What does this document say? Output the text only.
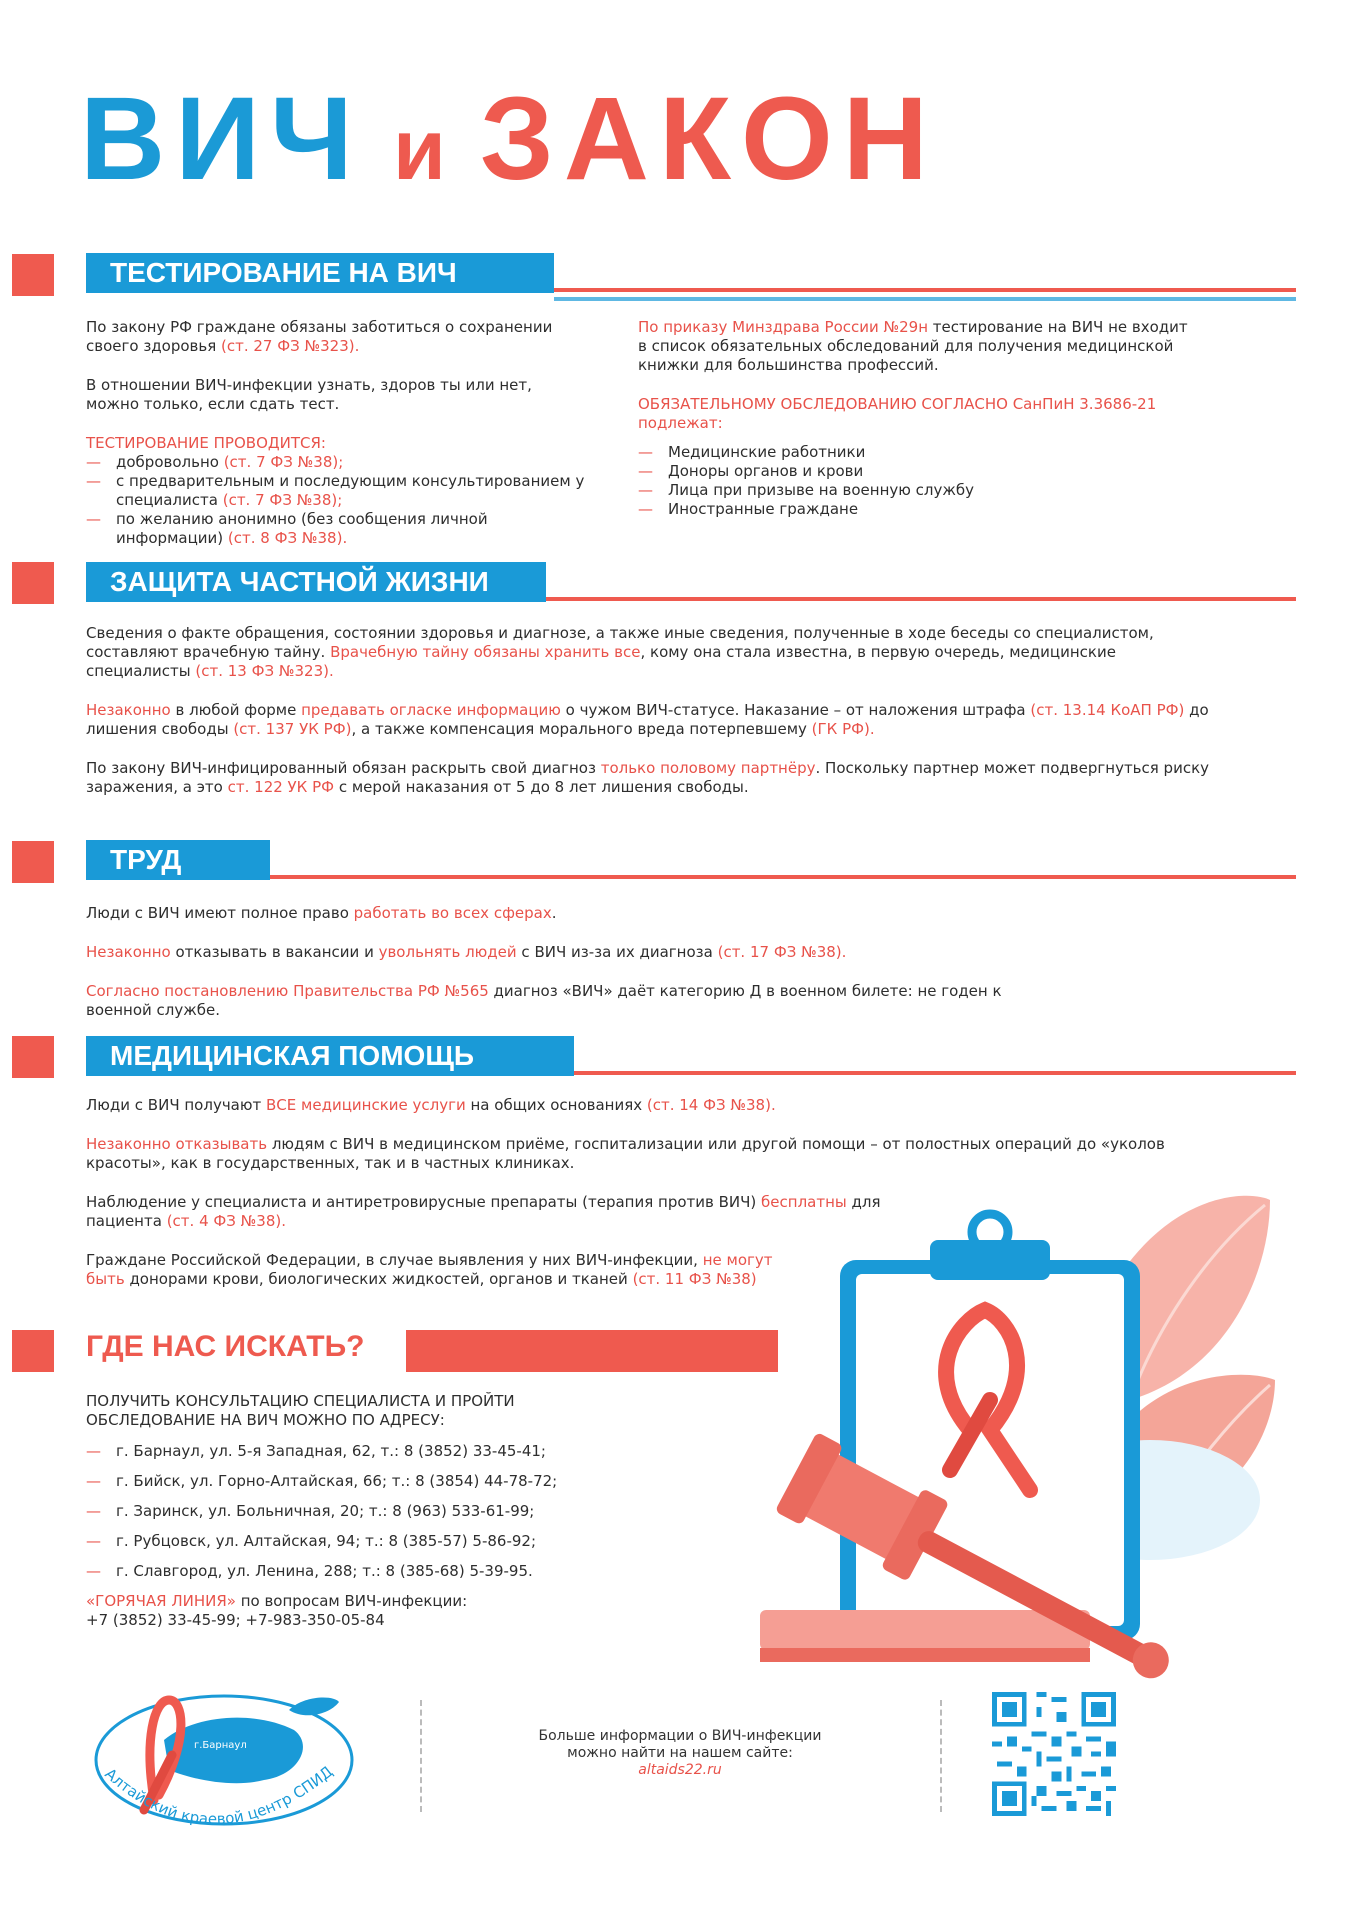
ВИЧ и ЗАКОН
ТЕСТИРОВАНИЕ НА ВИЧ

По закону РФ граждане обязаны заботиться о сохранении своего здоровья (ст. 27 ФЗ №323).

В отношении ВИЧ-инфекции узнать, здоров ты или нет, можно только, если сдать тест.

ТЕСТИРОВАНИЕ ПРОВОДИТСЯ:

— добровольно (ст. 7 ФЗ №38);
— с предварительным и последующим консультированием у специалиста (ст. 7 ФЗ №38);
— по желанию анонимно (без сообщения личной информации) (ст. 8 ФЗ №38).

По приказу Минздрава России №29н тестирование на ВИЧ не входит в список обязательных обследований для получения медицинской книжки для большинства профессий.

ОБЯЗАТЕЛЬНОМУ ОБСЛЕДОВАНИЮ СОГЛАСНО СанПиН 3.3686-21 подлежат:

— Медицинские работники
— Доноры органов и крови
— Лица при призыве на военную службу
— Иностранные граждане
ЗАЩИТА ЧАСТНОЙ ЖИЗНИ

Сведения о факте обращения, состоянии здоровья и диагнозе, а также иные сведения, полученные в ходе беседы со специалистом, составляют врачебную тайну. Врачебную тайну обязаны хранить все, кому она стала известна, в первую очередь, медицинские специалисты (ст. 13 ФЗ №323).

Незаконно в любой форме предавать огласке информацию о чужом ВИЧ-статусе. Наказание – от наложения штрафа (ст. 13.14 КоАП РФ) до лишения свободы (ст. 137 УК РФ), а также компенсация морального вреда потерпевшему (ГК РФ).

По закону ВИЧ-инфицированный обязан раскрыть свой диагноз только половому партнёру. Поскольку партнер может подвергнуться риску заражения, а это ст. 122 УК РФ с мерой наказания от 5 до 8 лет лишения свободы.

ТРУД

Люди с ВИЧ имеют полное право работать во всех сферах.

Незаконно отказывать в вакансии и увольнять людей с ВИЧ из-за их диагноза (ст. 17 ФЗ №38).

Согласно постановлению Правительства РФ №565 диагноз «ВИЧ» даёт категорию Д в военном билете: не годен к военной службе.

МЕДИЦИНСКАЯ ПОМОЩЬ

Люди с ВИЧ получают ВСЕ медицинские услуги на общих основаниях (ст. 14 ФЗ №38).

Незаконно отказывать людям с ВИЧ в медицинском приёме, госпитализации или другой помощи – от полостных операций до «уколов красоты», как в государственных, так и в частных клиниках.

Наблюдение у специалиста и антиретровирусные препараты (терапия против ВИЧ) бесплатны для пациента (ст. 4 ФЗ №38).

Граждане Российской Федерации, в случае выявления у них ВИЧ-инфекции, не могут быть донорами крови, биологических жидкостей, органов и тканей (ст. 11 ФЗ №38)

ГДЕ НАС ИСКАТЬ?

ПОЛУЧИТЬ КОНСУЛЬТАЦИЮ СПЕЦИАЛИСТА И ПРОЙТИ ОБСЛЕДОВАНИЕ НА ВИЧ МОЖНО ПО АДРЕСУ:

— г. Барнаул, ул. 5-я Западная, 62, т.: 8 (3852) 33-45-41;
— г. Бийск, ул. Горно-Алтайская, 66; т.: 8 (3854) 44-78-72;
— г. Заринск, ул. Больничная, 20; т.: 8 (963) 533-61-99;
— г. Рубцовск, ул. Алтайская, 94; т.: 8 (385-57) 5-86-92;
— г. Славгород, ул. Ленина, 288; т.: 8 (385-68) 5-39-95.

«ГОРЯЧАЯ ЛИНИЯ» по вопросам ВИЧ-инфекции:

+7 (3852) 33-45-99; +7-983-350-05-84

г.Барнаул
Алтайский краевой центр СПИД
Больше информации о ВИЧ-инфекции
можно найти на нашем сайте:
altaids22.ru
